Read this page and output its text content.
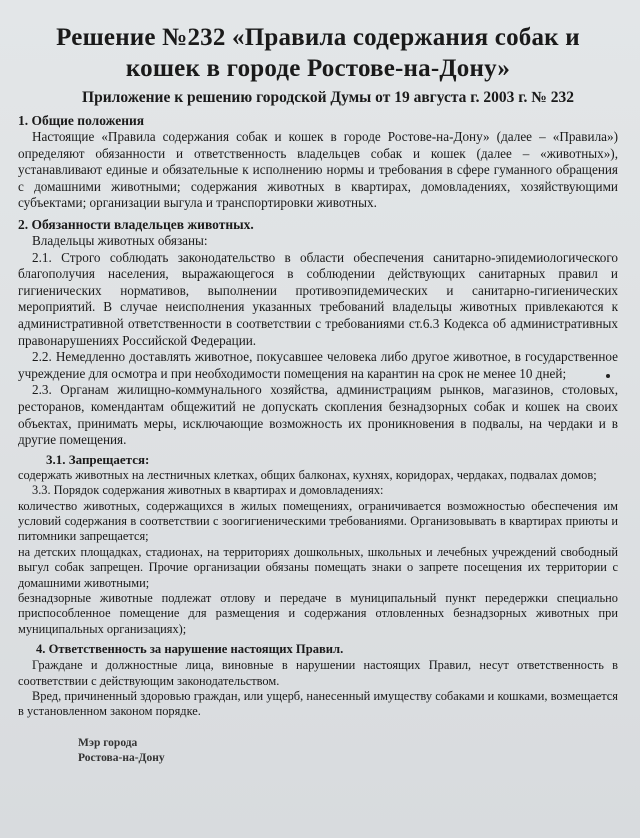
Решение №232 «Правила содержания собак и кошек в городе Ростове-на-Дону»
Приложение к решению городской Думы от 19 августа г. 2003 г. № 232
1. Общие положения

Настоящие «Правила содержания собак и кошек в городе Ростове-на-Дону» (далее – «Правила») определяют обязанности и ответственность владельцев собак и кошек (далее – «животных»), устанавливают единые и обязательные к исполнению нормы и требования в сфере гуманного обращения с домашними животными; содержания животных в квартирах, домовладениях, хозяйствующими субъектами; организации выгула и транспортировки животных.

2. Обязанности владельцев животных.

Владельцы животных обязаны:

2.1. Строго соблюдать законодательство в области обеспечения санитарно-эпидемиологического благополучия населения, выражающегося в соблюдении действующих санитарных правил и гигиенических нормативов, выполнении противоэпидемических и санитарно-гигиенических мероприятий. В случае неисполнения указанных требований владельцы животных привлекаются к административной ответственности в соответствии с требованиями ст.6.3 Кодекса об административных правонарушениях Российской Федерации.

2.2. Немедленно доставлять животное, покусавшее человека либо другое животное, в государственное учреждение для осмотра и при необходимости помещения на карантин на срок не менее 10 дней;

2.3. Органам жилищно-коммунального хозяйства, администрациям рынков, магазинов, столовых, ресторанов, комендантам общежитий не допускать скопления безнадзорных собак и кошек на своих объектах, принимать меры, исключающие возможность их проникновения в подвалы, на чердаки и в другие помещения.

3.1. Запрещается:

содержать животных на лестничных клетках, общих балконах, кухнях, коридорах, чердаках, подвалах домов;

3.3. Порядок содержания животных в квартирах и домовладениях:

количество животных, содержащихся в жилых помещениях, ограничивается возможностью обеспечения им условий содержания в соответствии с зоогигиеническими требованиями. Организовывать в квартирах приюты и питомники запрещается;

на детских площадках, стадионах, на территориях дошкольных, школьных и лечебных учреждений свободный выгул собак запрещен. Прочие организации обязаны помещать знаки о запрете посещения их территории с домашними животными;

безнадзорные животные подлежат отлову и передаче в муниципальный пункт передержки специально приспособленное помещение для размещения и содержания отловленных безнадзорных животных при муниципальных организациях);

4. Ответственность за нарушение настоящих Правил.

Граждане и должностные лица, виновные в нарушении настоящих Правил, несут ответственность в соответствии с действующим законодательством.

Вред, причиненный здоровью граждан, или ущерб, нанесенный имуществу собаками и кошками, возмещается в установленном законом порядке.

Мэр города
Ростова-на-Дону
